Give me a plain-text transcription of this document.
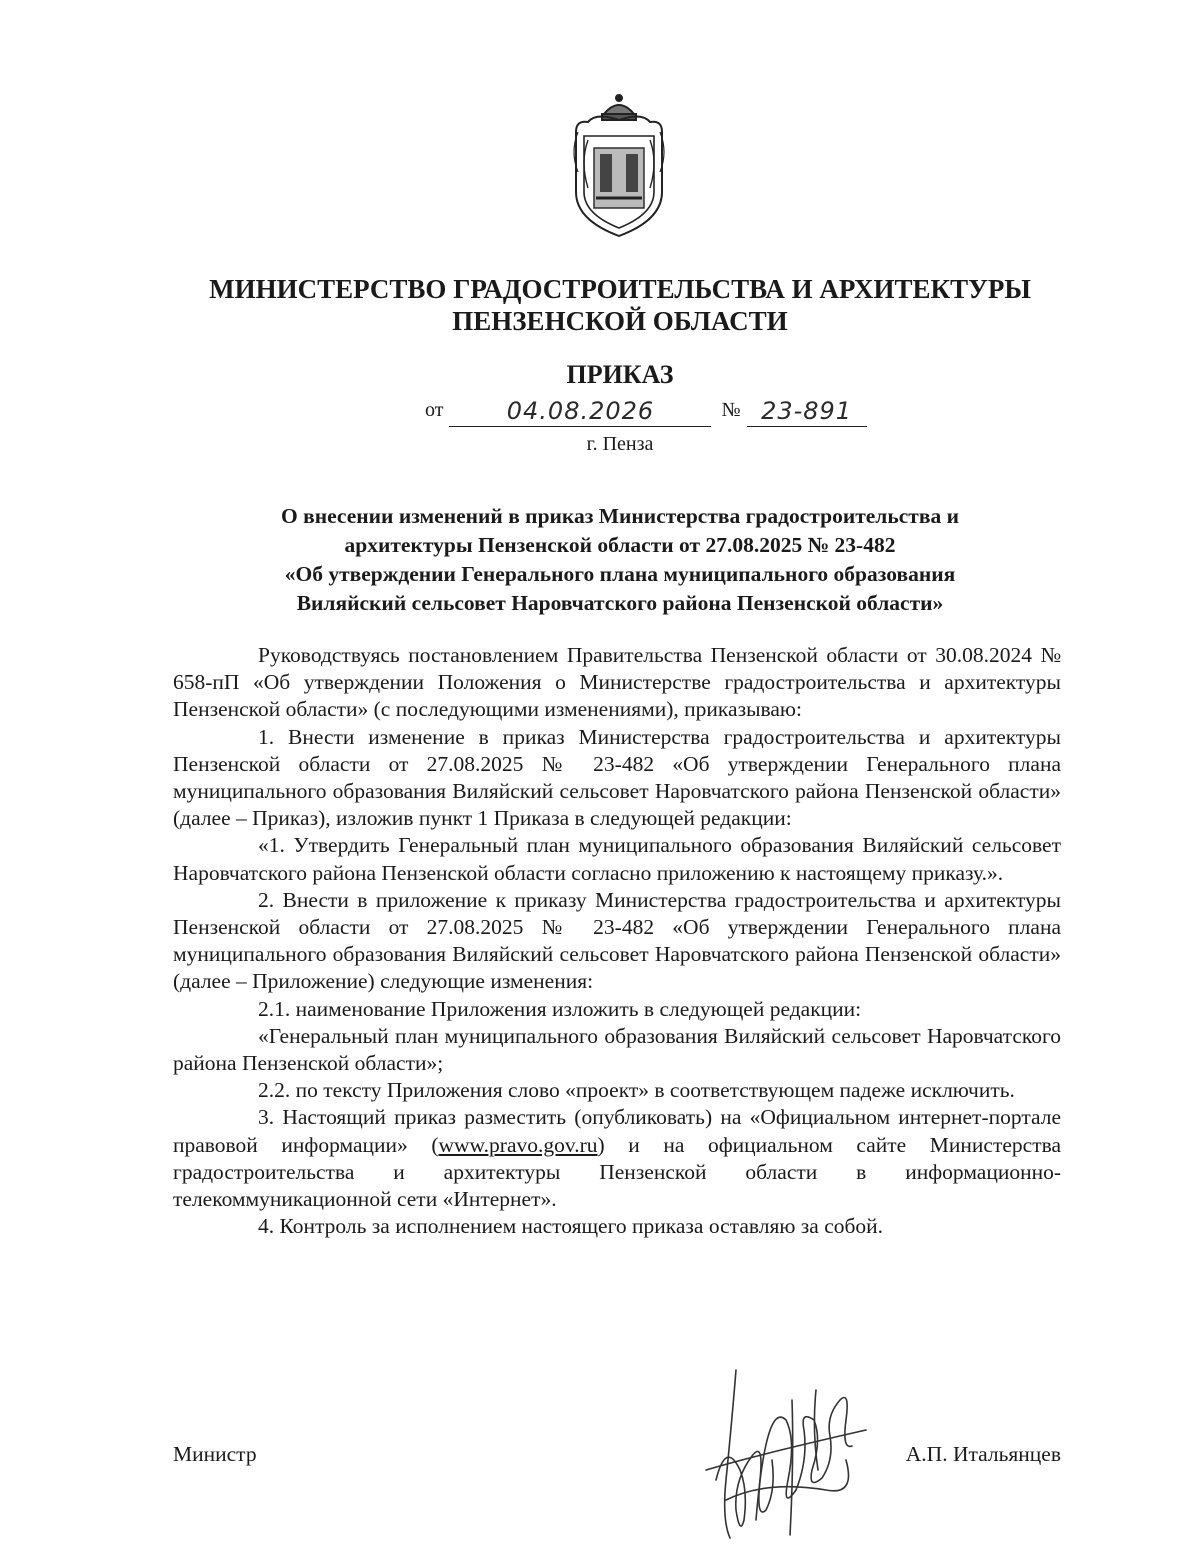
МИНИСТЕРСТВО ГРАДОСТРОИТЕЛЬСТВА И АРХИТЕКТУРЫ
ПЕНЗЕНСКОЙ ОБЛАСТИ
ПРИКАЗ
от	04.08.2026	№ 23-891
г. Пенза
О внесении изменений в приказ Министерства градостроительства и
архитектуры Пензенской области от 27.08.2025 № 23-482
«Об утверждении Генерального плана муниципального образования
Виляйский сельсовет Наровчатского района Пензенской области»

Руководствуясь постановлением Правительства Пензенской области от 30.08.2024 № 658-пП «Об утверждении Положения о Министерстве градостроительства и архитектуры Пензенской области» (с последующими изменениями), приказываю:

1. Внести изменение в приказ Министерства градостроительства и архитектуры Пензенской области от 27.08.2025 № 23-482 «Об утверждении Генерального плана муниципального образования Виляйский сельсовет Наровчатского района Пензенской области» (далее – Приказ), изложив пункт 1 Приказа в следующей редакции:

«1. Утвердить Генеральный план муниципального образования Виляйский сельсовет Наровчатского района Пензенской области согласно приложению к настоящему приказу.».

2. Внести в приложение к приказу Министерства градостроительства и архитектуры Пензенской области от 27.08.2025 № 23-482 «Об утверждении Генерального плана муниципального образования Виляйский сельсовет Наровчатского района Пензенской области» (далее – Приложение) следующие изменения:

2.1. наименование Приложения изложить в следующей редакции:

«Генеральный план муниципального образования Виляйский сельсовет Наровчатского района Пензенской области»;

2.2. по тексту Приложения слово «проект» в соответствующем падеже исключить.

3. Настоящий приказ разместить (опубликовать) на «Официальном интернет-портале правовой информации» (www.pravo.gov.ru) и на официальном сайте Министерства градостроительства и архитектуры Пензенской области в информационно-телекоммуникационной сети «Интернет».

4. Контроль за исполнением настоящего приказа оставляю за собой.

Министр	А.П. Итальянцев
